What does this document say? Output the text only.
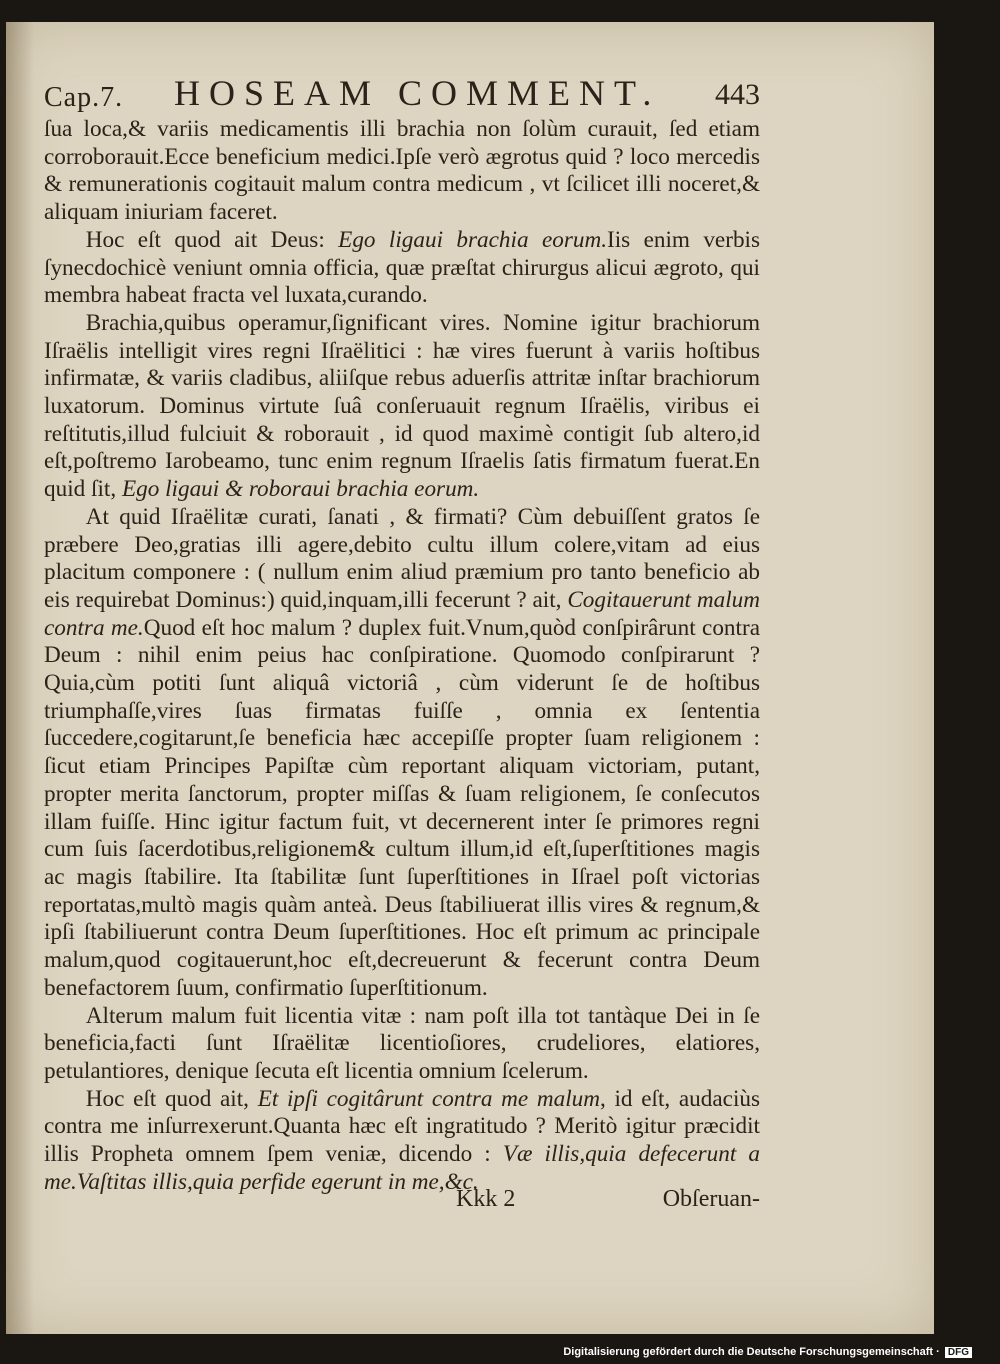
Cap.7. HOSEAM COMMENT. 443

ſua loca,& variis medicamentis illi brachia non ſolùm curauit, ſed etiam corroborauit.Ecce beneficium medici.Ipſe verò ægrotus quid ? loco mercedis & remunerationis cogitauit malum contra medicum , vt ſcilicet illi noceret,& aliquam iniuriam faceret.

Hoc eſt quod ait Deus: Ego ligaui brachia eorum.Iis enim verbis ſynecdochicè veniunt omnia officia, quæ præſtat chirurgus alicui ægroto, qui membra habeat fracta vel luxata,curando.

Brachia,quibus operamur,ſignificant vires. Nomine igitur brachiorum Iſraëlis intelligit vires regni Iſraëlitici : hæ vires fuerunt à variis hoſtibus infirmatæ, & variis cladibus, aliiſque rebus aduerſis attritæ inſtar brachiorum luxatorum. Dominus virtute ſuâ conſeruauit regnum Iſraëlis, viribus ei reſtitutis,illud fulciuit & roborauit , id quod maximè contigit ſub altero,id eſt,poſtremo Iarobeamo, tunc enim regnum Iſraelis ſatis firmatum fuerat.En quid ſit, Ego ligaui & roboraui brachia eorum.

At quid Iſraëlitæ curati, ſanati , & firmati? Cùm debuiſſent gratos ſe præbere Deo,gratias illi agere,debito cultu illum colere,vitam ad eius placitum componere : ( nullum enim aliud præmium pro tanto beneficio ab eis requirebat Dominus:) quid,inquam,illi fecerunt ? ait, Cogitauerunt malum contra me.Quod eſt hoc malum ? duplex fuit.Vnum,quòd conſpirârunt contra Deum : nihil enim peius hac conſpiratione. Quomodo conſpirarunt ? Quia,cùm potiti ſunt aliquâ victoriâ , cùm viderunt ſe de hoſtibus triumphaſſe,vires ſuas firmatas fuiſſe , omnia ex ſententia ſuccedere,cogitarunt,ſe beneficia hæc accepiſſe propter ſuam religionem : ſicut etiam Principes Papiſtæ cùm reportant aliquam victoriam, putant, propter merita ſanctorum, propter miſſas & ſuam religionem, ſe conſecutos illam fuiſſe. Hinc igitur factum fuit, vt decernerent inter ſe primores regni cum ſuis ſacerdotibus,religionem& cultum illum,id eſt,ſuperſtitiones magis ac magis ſtabilire. Ita ſtabilitæ ſunt ſuperſtitiones in Iſrael poſt victorias reportatas,multò magis quàm anteà. Deus ſtabiliuerat illis vires & regnum,& ipſi ſtabiliuerunt contra Deum ſuperſtitiones. Hoc eſt primum ac principale malum,quod cogitauerunt,hoc eſt,decreuerunt & fecerunt contra Deum benefactorem ſuum, confirmatio ſuperſtitionum.

Alterum malum fuit licentia vitæ : nam poſt illa tot tantàque Dei in ſe beneficia,facti ſunt Iſraëlitæ licentioſiores, crudeliores, elatiores, petulantiores, denique ſecuta eſt licentia omnium ſcelerum.

Hoc eſt quod ait, Et ipſi cogitârunt contra me malum, id eſt, audaciùs contra me inſurrexerunt.Quanta hæc eſt ingratitudo ? Meritò igitur præcidit illis Propheta omnem ſpem veniæ, dicendo : Væ illis,quia defecerunt a me.Vaſtitas illis,quia perfide egerunt in me,&c.

Kkk 2	Obſeruan-
Digitalisierung gefördert durch die Deutsche Forschungsgemeinschaft · DFG
